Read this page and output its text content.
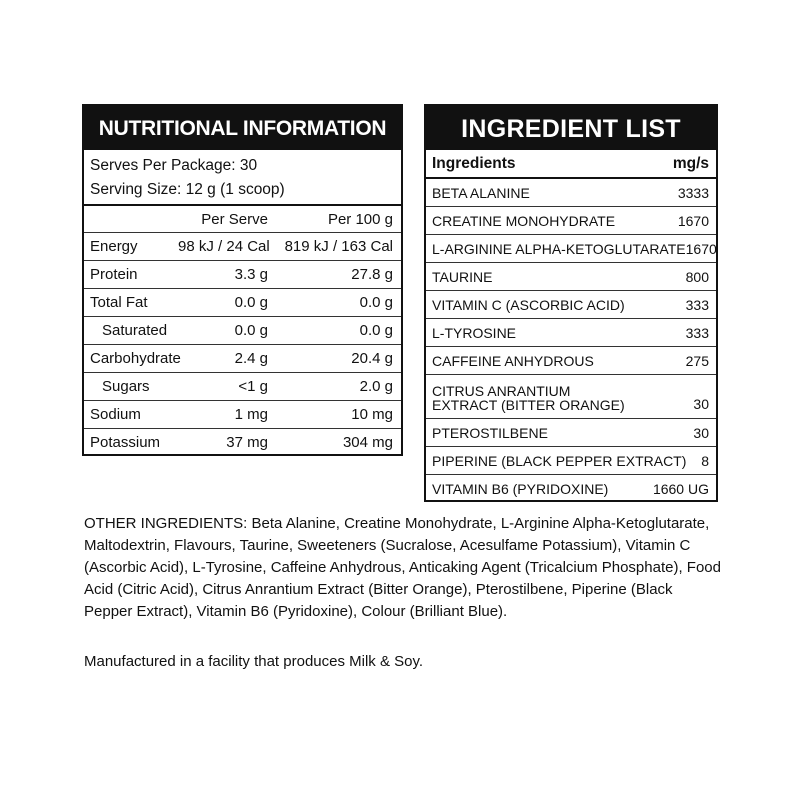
NUTRITIONAL INFORMATION
Serves Per Package: 30
Serving Size: 12 g (1 scoop)
Per Serve	Per 100 g
Energy	98 kJ / 24 Cal 819 kJ / 163 Cal
Protein	3.3 g	27.8 g
Total Fat	0.0 g	0.0 g
Saturated	0.0 g	0.0 g
Carbohydrate	2.4 g	20.4 g
Sugars	<1 g	2.0 g
Sodium	1 mg	10 mg
Potassium	37 mg	304 mg
INGREDIENT LIST
Ingredients	mg/s
BETA ALANINE	3333
CREATINE MONOHYDRATE	1670
L-ARGININE ALPHA-KETOGLUTARATE 1670
TAURINE	800
VITAMIN C (ASCORBIC ACID)	333
L-TYROSINE	333
CAFFEINE ANHYDROUS	275
CITRUS ANRANTIUM EXTRACT (BITTER ORANGE)	30
PTEROSTILBENE	30
PIPERINE (BLACK PEPPER EXTRACT) 8
VITAMIN B6 (PYRIDOXINE)	1660 UG
OTHER INGREDIENTS: Beta Alanine, Creatine Monohydrate, L-Arginine Alpha-Ketoglutarate, Maltodextrin, Flavours, Taurine, Sweeteners (Sucralose, Acesulfame Potassium), Vitamin C (Ascorbic Acid), L-Tyrosine, Caffeine Anhydrous, Anticaking Agent (Tricalcium Phosphate), Food Acid (Citric Acid), Citrus Anrantium Extract (Bitter Orange), Pterostilbene, Piperine (Black Pepper Extract), Vitamin B6 (Pyridoxine), Colour (Brilliant Blue).
Manufactured in a facility that produces Milk & Soy.
